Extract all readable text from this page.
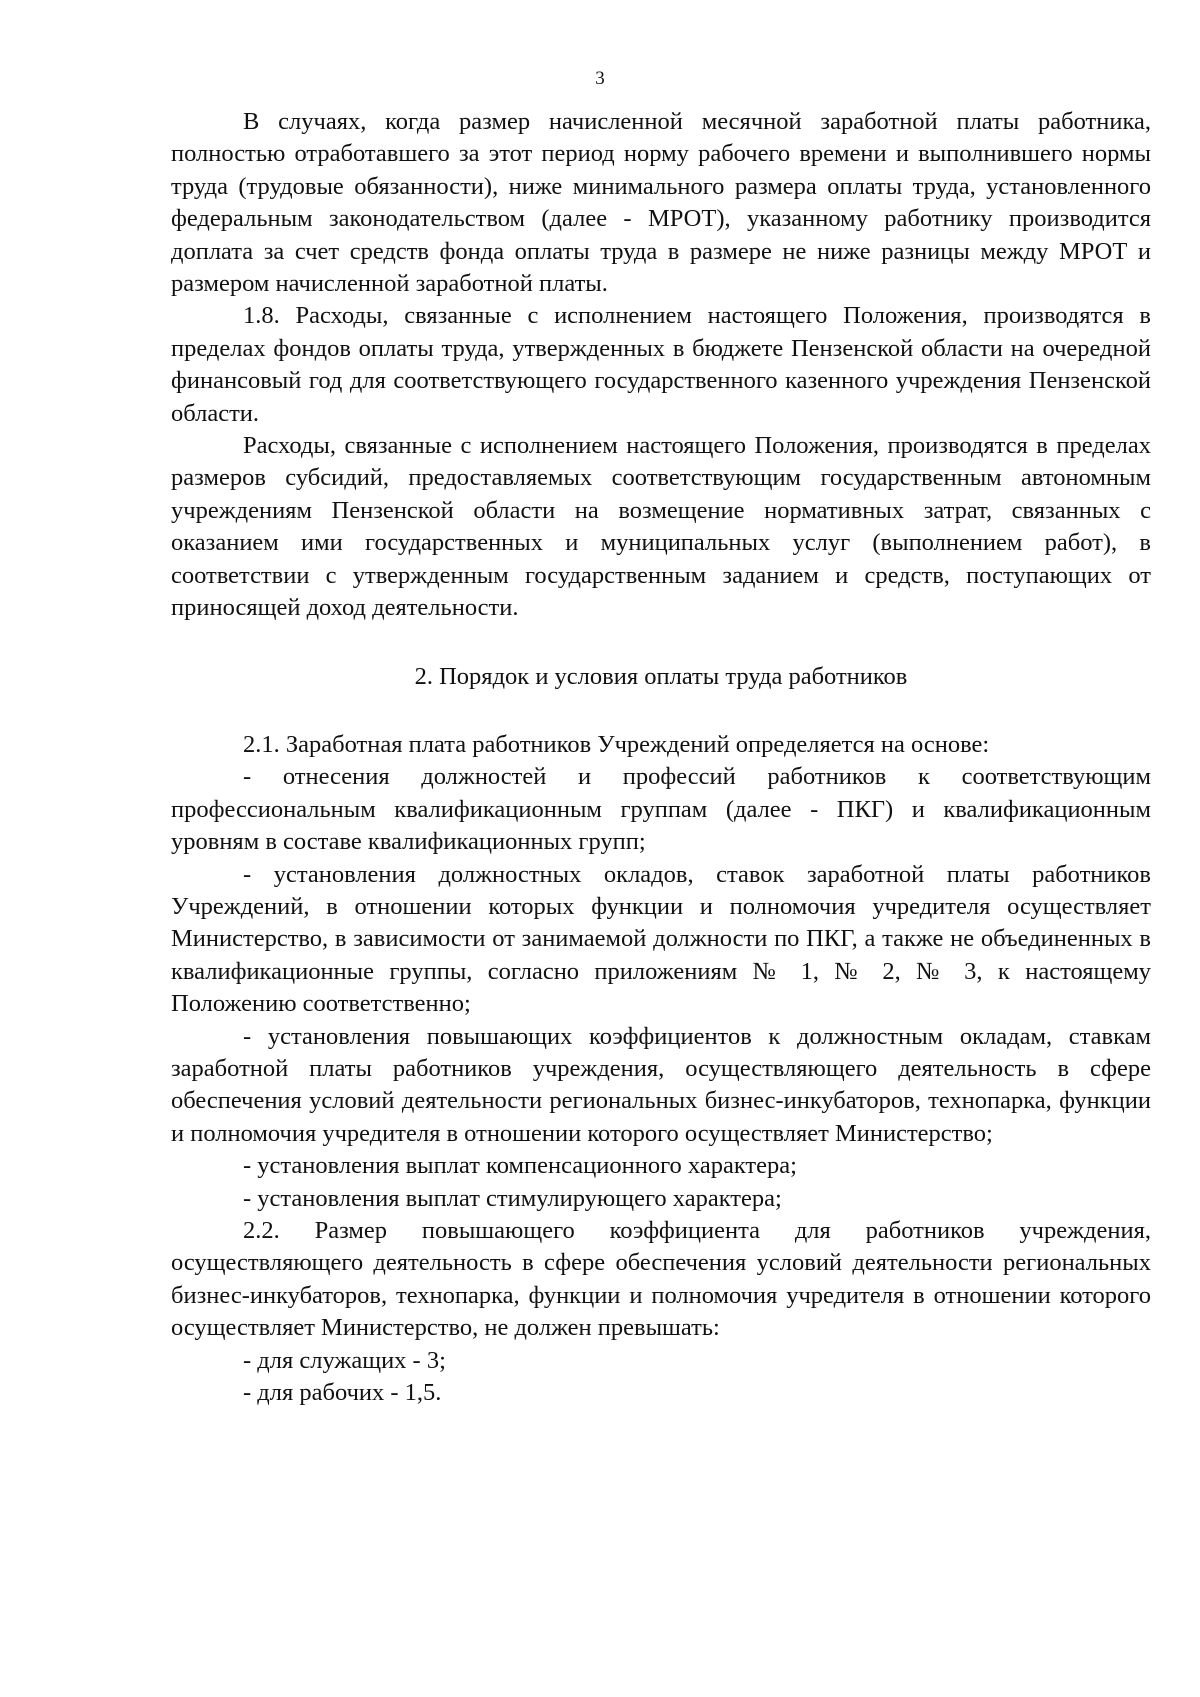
3

В случаях, когда размер начисленной месячной заработной платы работника, полностью отработавшего за этот период норму рабочего времени и выполнившего нормы труда (трудовые обязанности), ниже минимального размера оплаты труда, установленного федеральным законодательством (далее - МРОТ), указанному работнику производится доплата за счет средств фонда оплаты труда в размере не ниже разницы между МРОТ и размером начисленной заработной платы.

1.8. Расходы, связанные с исполнением настоящего Положения, производятся в пределах фондов оплаты труда, утвержденных в бюджете Пензенской области на очередной финансовый год для соответствующего государственного казенного учреждения Пензенской области.

Расходы, связанные с исполнением настоящего Положения, производятся в пределах размеров субсидий, предоставляемых соответствующим государственным автономным учреждениям Пензенской области на возмещение нормативных затрат, связанных с оказанием ими государственных и муниципальных услуг (выполнением работ), в соответствии с утвержденным государственным заданием и средств, поступающих от приносящей доход деятельности.

2. Порядок и условия оплаты труда работников

2.1. Заработная плата работников Учреждений определяется на основе:

- отнесения должностей и профессий работников к соответствующим профессиональным квалификационным группам (далее - ПКГ) и квалификационным уровням в составе квалификационных групп;

- установления должностных окладов, ставок заработной платы работников Учреждений, в отношении которых функции и полномочия учредителя осуществляет Министерство, в зависимости от занимаемой должности по ПКГ, а также не объединенных в квалификационные группы, согласно приложениям № 1, № 2, № 3, к настоящему Положению соответственно;

- установления повышающих коэффициентов к должностным окладам, ставкам заработной платы работников учреждения, осуществляющего деятельность в сфере обеспечения условий деятельности региональных бизнес-инкубаторов, технопарка, функции и полномочия учредителя в отношении которого осуществляет Министерство;

- установления выплат компенсационного характера;

- установления выплат стимулирующего характера;

2.2. Размер повышающего коэффициента для работников учреждения, осуществляющего деятельность в сфере обеспечения условий деятельности региональных бизнес-инкубаторов, технопарка, функции и полномочия учредителя в отношении которого осуществляет Министерство, не должен превышать:

- для служащих - 3;

- для рабочих - 1,5.
